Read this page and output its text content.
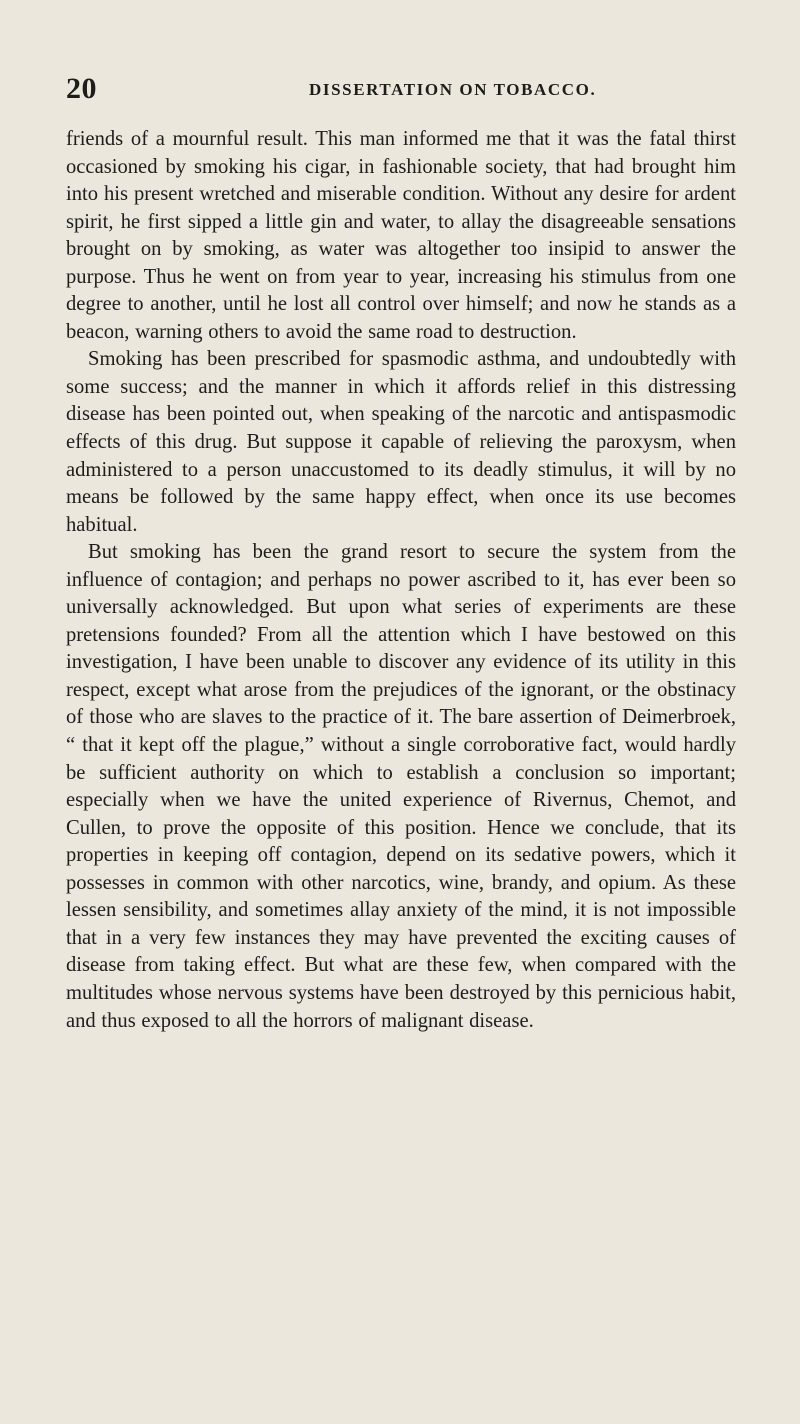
20	DISSERTATION ON TOBACCO.

friends of a mournful result. This man informed me that it was the fatal thirst occasioned by smoking his cigar, in fashionable society, that had brought him into his present wretched and miserable condition. Without any desire for ardent spirit, he first sipped a little gin and water, to allay the disagreeable sensations brought on by smoking, as water was altogether too insipid to answer the purpose. Thus he went on from year to year, increasing his stimulus from one degree to another, until he lost all control over himself; and now he stands as a beacon, warning others to avoid the same road to destruction.

Smoking has been prescribed for spasmodic asthma, and undoubtedly with some success; and the manner in which it affords relief in this distressing disease has been pointed out, when speaking of the narcotic and antispasmodic effects of this drug. But suppose it capable of relieving the paroxysm, when administered to a person unaccustomed to its deadly stimulus, it will by no means be followed by the same happy effect, when once its use becomes habitual.

But smoking has been the grand resort to secure the system from the influence of contagion; and perhaps no power ascribed to it, has ever been so universally acknowledged. But upon what series of experiments are these pretensions founded? From all the attention which I have bestowed on this investigation, I have been unable to discover any evidence of its utility in this respect, except what arose from the prejudices of the ignorant, or the obstinacy of those who are slaves to the practice of it. The bare assertion of Deimerbroek, “ that it kept off the plague,” without a single corroborative fact, would hardly be sufficient authority on which to establish a conclusion so important; especially when we have the united experience of Rivernus, Chemot, and Cullen, to prove the opposite of this position. Hence we conclude, that its properties in keeping off contagion, depend on its sedative powers, which it possesses in common with other narcotics, wine, brandy, and opium. As these lessen sensibility, and sometimes allay anxiety of the mind, it is not impossible that in a very few instances they may have prevented the exciting causes of disease from taking effect. But what are these few, when compared with the multitudes whose nervous systems have been destroyed by this pernicious habit, and thus exposed to all the horrors of malignant disease.
